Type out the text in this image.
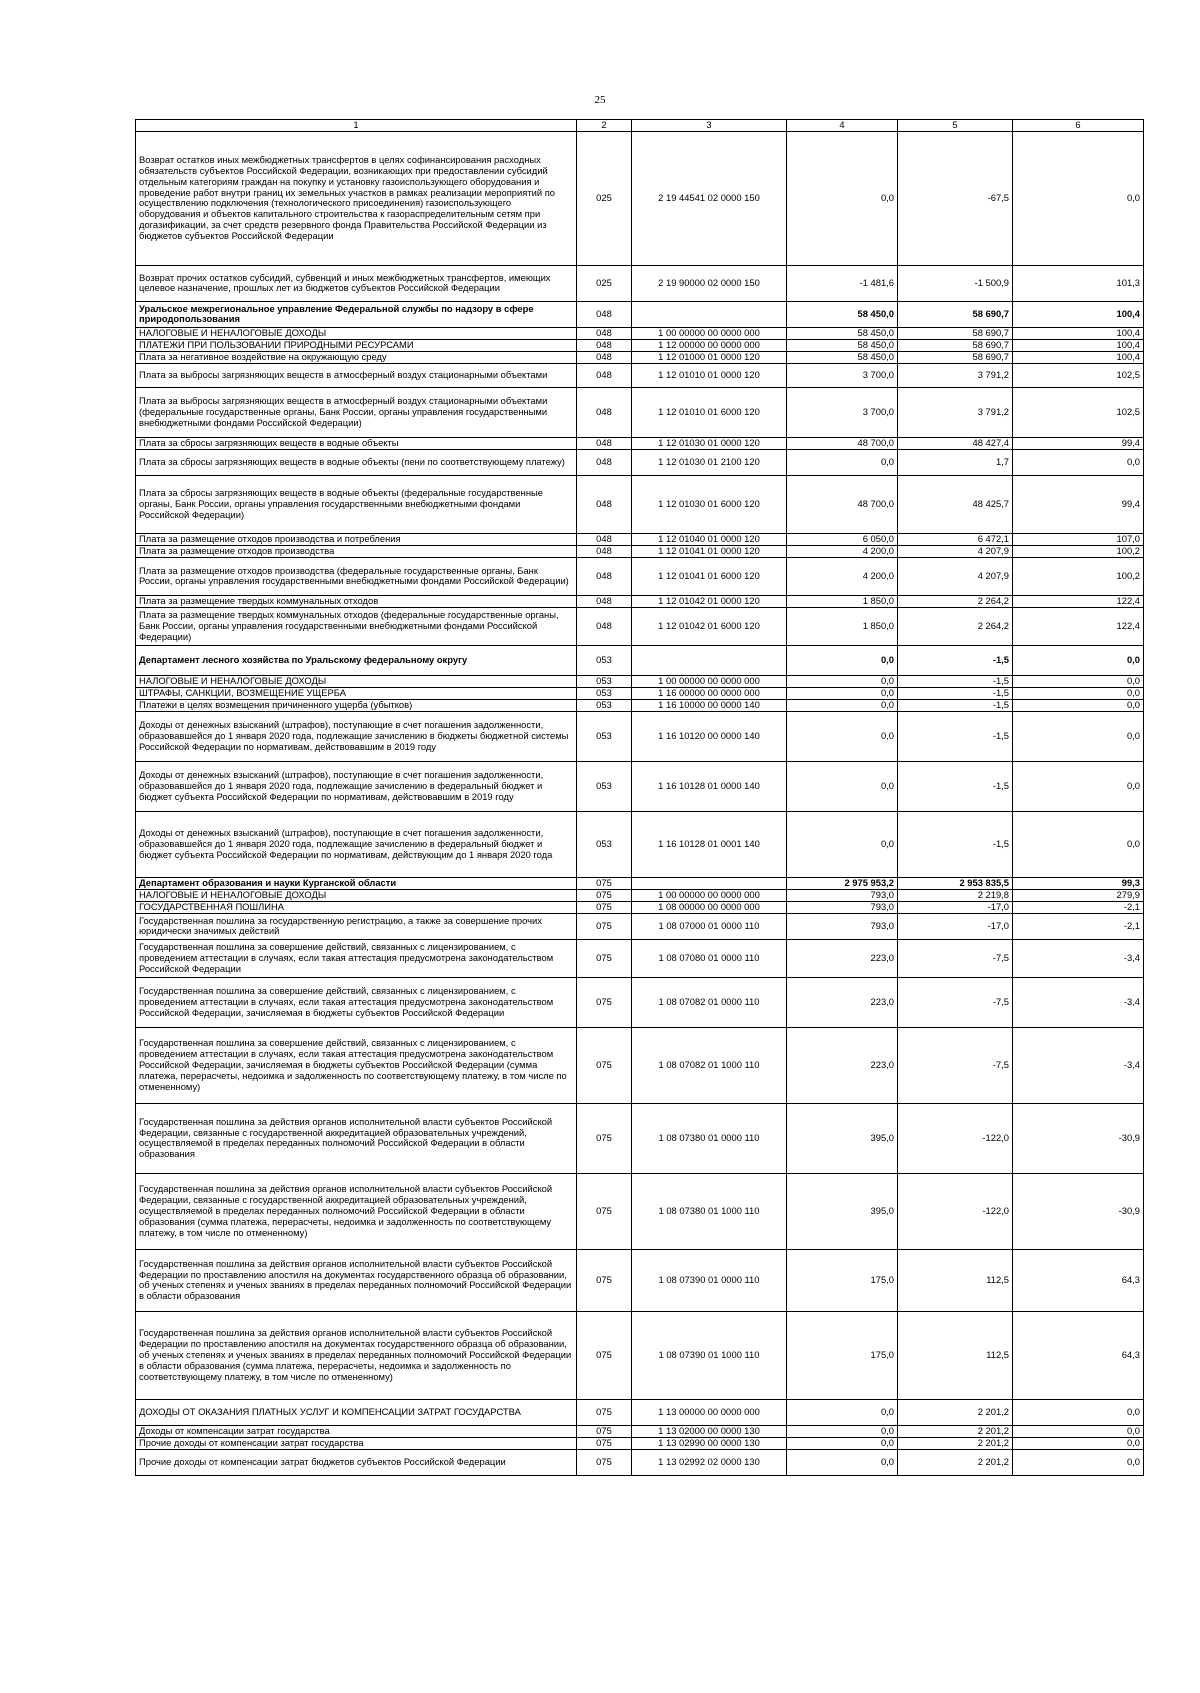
25
1	2	3	4	5	6
Возврат остатков иных межбюджетных трансфертов в целях софинансирования расходных обязательств субъектов Российской Федерации, возникающих при предоставлении субсидий отдельным категориям граждан на покупку и установку газоиспользующего оборудования и проведение работ внутри границ их земельных участков в рамках реализации мероприятий по осуществлению подключения (технологического присоединения) газоиспользующего оборудования и объектов капитального строительства к газораспределительным сетям при догазификации, за счет средств резервного фонда Правительства Российской Федерации из бюджетов субъектов Российской Федерации	025	2 19 44541 02 0000 150	0,0	-67,5	0,0
Возврат прочих остатков субсидий, субвенций и иных межбюджетных трансфертов, имеющих целевое назначение, прошлых лет из бюджетов субъектов Российской Федерации	025	2 19 90000 02 0000 150	-1 481,6	-1 500,9	101,3
Уральское межрегиональное управление Федеральной службы по надзору в сфере природопользования	048		58 450,0	58 690,7	100,4
НАЛОГОВЫЕ И НЕНАЛОГОВЫЕ ДОХОДЫ	048	1 00 00000 00 0000 000	58 450,0	58 690,7	100,4
ПЛАТЕЖИ ПРИ ПОЛЬЗОВАНИИ ПРИРОДНЫМИ РЕСУРСАМИ	048	1 12 00000 00 0000 000	58 450,0	58 690,7	100,4
Плата за негативное воздействие на окружающую среду	048	1 12 01000 01 0000 120	58 450,0	58 690,7	100,4
Плата за выбросы загрязняющих веществ в атмосферный воздух стационарными объектами	048	1 12 01010 01 0000 120	3 700,0	3 791,2	102,5
Плата за выбросы загрязняющих веществ в атмосферный воздух стационарными объектами (федеральные государственные органы, Банк России, органы управления государственными внебюджетными фондами Российской Федерации)	048	1 12 01010 01 6000 120	3 700,0	3 791,2	102,5
Плата за сбросы загрязняющих веществ в водные объекты	048	1 12 01030 01 0000 120	48 700,0	48 427,4	99,4
Плата за сбросы загрязняющих веществ в водные объекты (пени по соответствующему платежу)	048	1 12 01030 01 2100 120	0,0	1,7	0,0
Плата за сбросы загрязняющих веществ в водные объекты (федеральные государственные органы, Банк России, органы управления государственными внебюджетными фондами Российской Федерации)	048	1 12 01030 01 6000 120	48 700,0	48 425,7	99,4
Плата за размещение отходов производства и потребления	048	1 12 01040 01 0000 120	6 050,0	6 472,1	107,0
Плата за размещение отходов производства	048	1 12 01041 01 0000 120	4 200,0	4 207,9	100,2
Плата за размещение отходов производства (федеральные государственные органы, Банк России, органы управления государственными внебюджетными фондами Российской Федерации)	048	1 12 01041 01 6000 120	4 200,0	4 207,9	100,2
Плата за размещение твердых коммунальных отходов	048	1 12 01042 01 0000 120	1 850,0	2 264,2	122,4
Плата за размещение твердых коммунальных отходов (федеральные государственные органы, Банк России, органы управления государственными внебюджетными фондами Российской Федерации)	048	1 12 01042 01 6000 120	1 850,0	2 264,2	122,4
Департамент лесного хозяйства по Уральскому федеральному округу	053		0,0	-1,5	0,0
НАЛОГОВЫЕ И НЕНАЛОГОВЫЕ ДОХОДЫ	053	1 00 00000 00 0000 000	0,0	-1,5	0,0
ШТРАФЫ, САНКЦИИ, ВОЗМЕЩЕНИЕ УЩЕРБА	053	1 16 00000 00 0000 000	0,0	-1,5	0,0
Платежи в целях возмещения причиненного ущерба (убытков)	053	1 16 10000 00 0000 140	0,0	-1,5	0,0
Доходы от денежных взысканий (штрафов), поступающие в счет погашения задолженности, образовавшейся до 1 января 2020 года, подлежащие зачислению в бюджеты бюджетной системы Российской Федерации по нормативам, действовавшим в 2019 году	053	1 16 10120 00 0000 140	0,0	-1,5	0,0
Доходы от денежных взысканий (штрафов), поступающие в счет погашения задолженности, образовавшейся до 1 января 2020 года, подлежащие зачислению в федеральный бюджет и бюджет субъекта Российской Федерации по нормативам, действовавшим в 2019 году	053	1 16 10128 01 0000 140	0,0	-1,5	0,0
Доходы от денежных взысканий (штрафов), поступающие в счет погашения задолженности, образовавшейся до 1 января 2020 года, подлежащие зачислению в федеральный бюджет и бюджет субъекта Российской Федерации по нормативам, действующим до 1 января 2020 года	053	1 16 10128 01 0001 140	0,0	-1,5	0,0
Департамент образования и науки Курганской области	075		2 975 953,2	2 953 835,5	99,3
НАЛОГОВЫЕ И НЕНАЛОГОВЫЕ ДОХОДЫ	075	1 00 00000 00 0000 000	793,0	2 219,8	279,9
ГОСУДАРСТВЕННАЯ ПОШЛИНА	075	1 08 00000 00 0000 000	793,0	-17,0	-2,1
Государственная пошлина за государственную регистрацию, а также за совершение прочих юридически значимых действий	075	1 08 07000 01 0000 110	793,0	-17,0	-2,1
Государственная пошлина за совершение действий, связанных с лицензированием, с проведением аттестации в случаях, если такая аттестация предусмотрена законодательством Российской Федерации	075	1 08 07080 01 0000 110	223,0	-7,5	-3,4
Государственная пошлина за совершение действий, связанных с лицензированием, с проведением аттестации в случаях, если такая аттестация предусмотрена законодательством Российской Федерации, зачисляемая в бюджеты субъектов Российской Федерации	075	1 08 07082 01 0000 110	223,0	-7,5	-3,4
Государственная пошлина за совершение действий, связанных с лицензированием, с проведением аттестации в случаях, если такая аттестация предусмотрена законодательством Российской Федерации, зачисляемая в бюджеты субъектов Российской Федерации (сумма платежа, перерасчеты, недоимка и задолженность по соответствующему платежу, в том числе по отмененному)	075	1 08 07082 01 1000 110	223,0	-7,5	-3,4
Государственная пошлина за действия органов исполнительной власти субъектов Российской Федерации, связанные с государственной аккредитацией образовательных учреждений, осуществляемой в пределах переданных полномочий Российской Федерации в области образования	075	1 08 07380 01 0000 110	395,0	-122,0	-30,9
Государственная пошлина за действия органов исполнительной власти субъектов Российской Федерации, связанные с государственной аккредитацией образовательных учреждений, осуществляемой в пределах переданных полномочий Российской Федерации в области образования (сумма платежа, перерасчеты, недоимка и задолженность по соответствующему платежу, в том числе по отмененному)	075	1 08 07380 01 1000 110	395,0	-122,0	-30,9
Государственная пошлина за действия органов исполнительной власти субъектов Российской Федерации по проставлению апостиля на документах государственного образца об образовании, об ученых степенях и ученых званиях в пределах переданных полномочий Российской Федерации в области образования	075	1 08 07390 01 0000 110	175,0	112,5	64,3
Государственная пошлина за действия органов исполнительной власти субъектов Российской Федерации по проставлению апостиля на документах государственного образца об образовании, об ученых степенях и ученых званиях в пределах переданных полномочий Российской Федерации в области образования (сумма платежа, перерасчеты, недоимка и задолженность по соответствующему платежу, в том числе по отмененному)	075	1 08 07390 01 1000 110	175,0	112,5	64,3
ДОХОДЫ ОТ ОКАЗАНИЯ ПЛАТНЫХ УСЛУГ И КОМПЕНСАЦИИ ЗАТРАТ ГОСУДАРСТВА	075	1 13 00000 00 0000 000	0,0	2 201,2	0,0
Доходы от компенсации затрат государства	075	1 13 02000 00 0000 130	0,0	2 201,2	0,0
Прочие доходы от компенсации затрат государства	075	1 13 02990 00 0000 130	0,0	2 201,2	0,0
Прочие доходы от компенсации затрат бюджетов субъектов Российской Федерации	075	1 13 02992 02 0000 130	0,0	2 201,2	0,0
